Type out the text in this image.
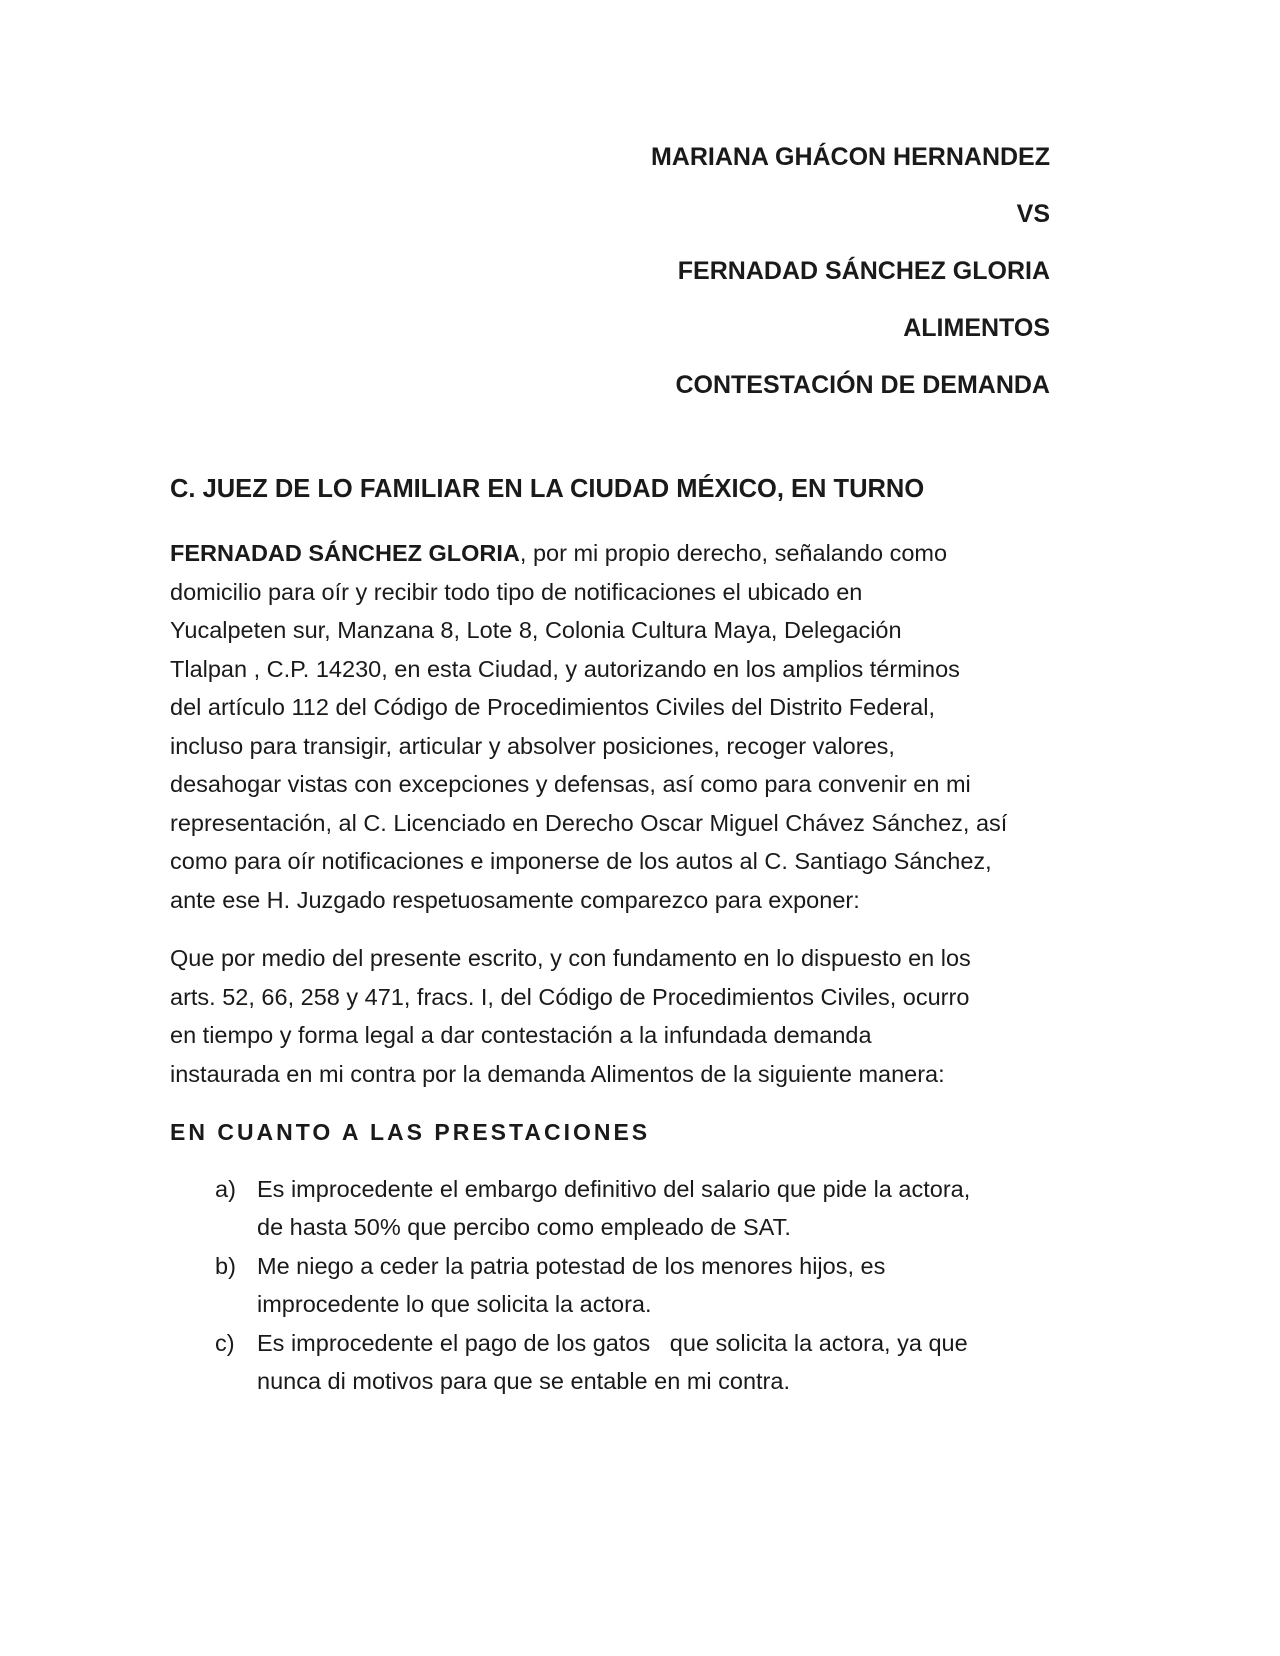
MARIANA GHÁCON HERNANDEZ
VS
FERNADAD SÁNCHEZ GLORIA
ALIMENTOS
CONTESTACIÓN DE DEMANDA
C. JUEZ DE LO FAMILIAR EN LA CIUDAD MÉXICO, EN TURNO
FERNADAD SÁNCHEZ GLORIA, por mi propio derecho, señalando como
domicilio para oír y recibir todo tipo de notificaciones el ubicado en
Yucalpeten sur, Manzana 8, Lote 8, Colonia Cultura Maya, Delegación
Tlalpan , C.P. 14230, en esta Ciudad, y autorizando en los amplios términos
del artículo 112 del Código de Procedimientos Civiles del Distrito Federal,
incluso para transigir, articular y absolver posiciones, recoger valores,
desahogar vistas con excepciones y defensas, así como para convenir en mi
representación, al C. Licenciado en Derecho Oscar Miguel Chávez Sánchez, así
como para oír notificaciones e imponerse de los autos al C. Santiago Sánchez,
ante ese H. Juzgado respetuosamente comparezco para exponer:
Que por medio del presente escrito, y con fundamento en lo dispuesto en los
arts. 52, 66, 258 y 471, fracs. I, del Código de Procedimientos Civiles, ocurro
en tiempo y forma legal a dar contestación a la infundada demanda
instaurada en mi contra por la demanda Alimentos de la siguiente manera:
EN CUANTO A LAS PRESTACIONES
a) Es improcedente el embargo definitivo del salario que pide la actora,
de hasta 50% que percibo como empleado de SAT.
b) Me niego a ceder la patria potestad de los menores hijos, es
improcedente lo que solicita la actora.
c) Es improcedente el pago de los gatos   que solicita la actora, ya que
nunca di motivos para que se entable en mi contra.
